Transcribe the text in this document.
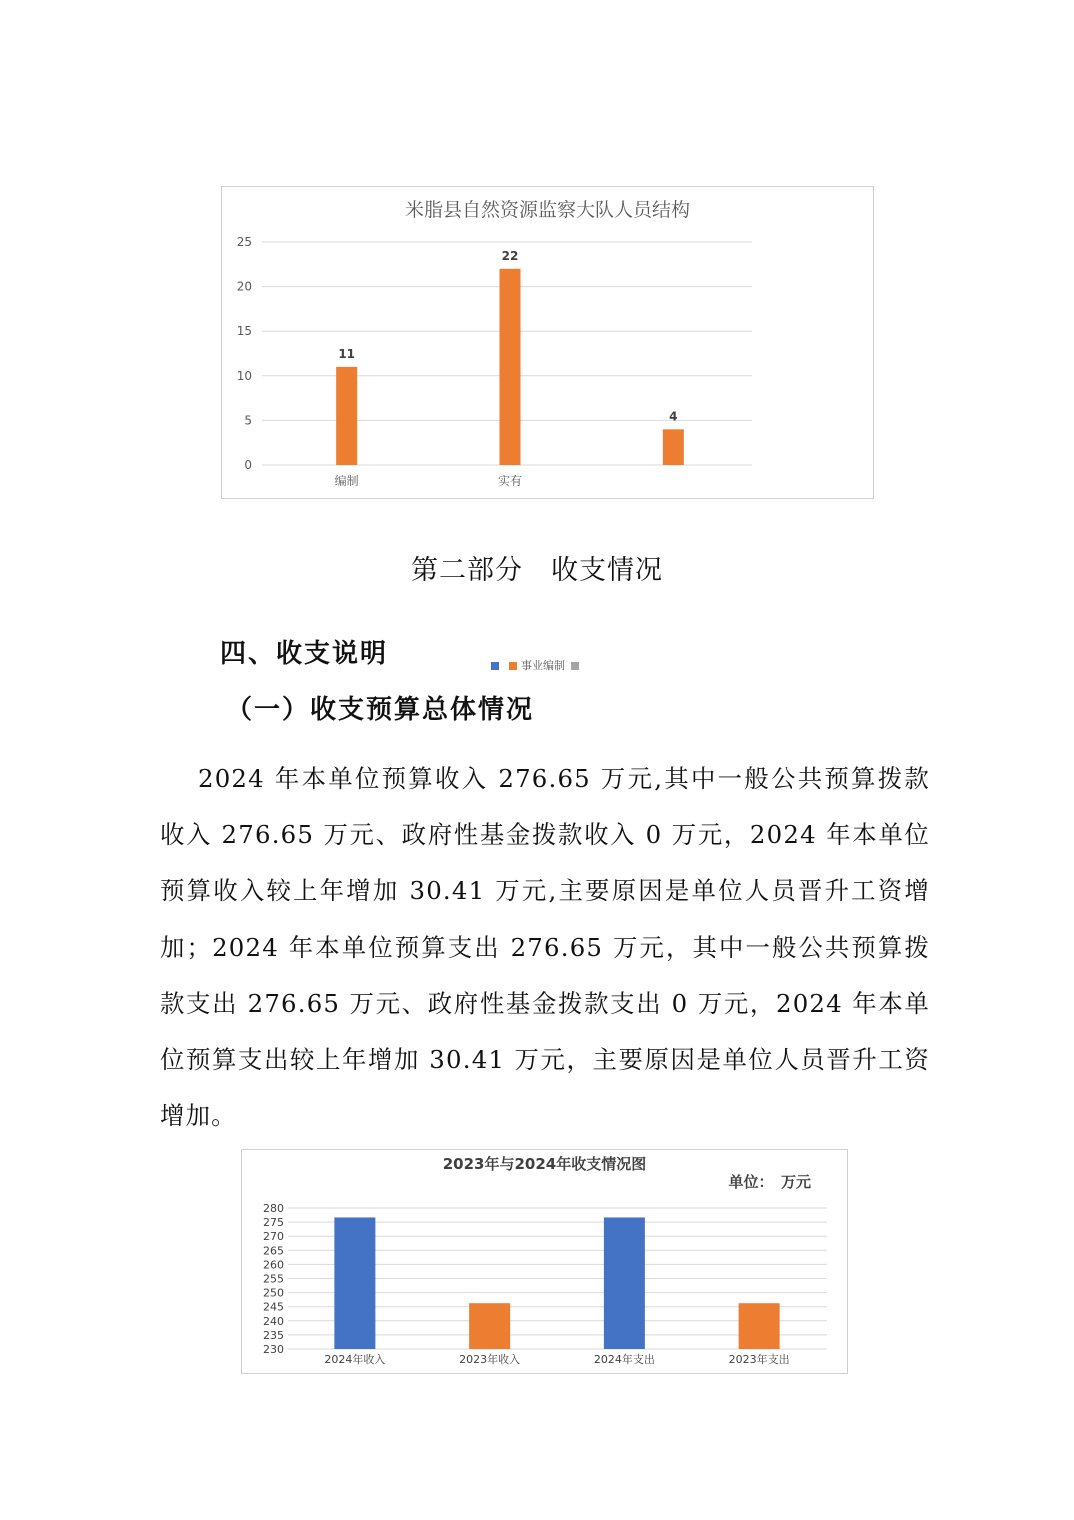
米脂县自然资源监察大队人员结构
0
5
10
15
20
25
11
编制
22
实有
4
事业编制
第二部分　收支情况
四、收支说明
（一）收支预算总体情况

2024 年本单位预算收入 276.65 万元,其中一般公共预算拨款收入 276.65 万元、政府性基金拨款收入 0 万元，2024 年本单位预算收入较上年增加 30.41 万元,主要原因是单位人员晋升工资增加；2024 年本单位预算支出 276.65 万元，其中一般公共预算拨款支出 276.65 万元、政府性基金拨款支出 0 万元，2024 年本单位预算支出较上年增加 30.41 万元，主要原因是单位人员晋升工资增加。

2023年与2024年收支情况图
单位：　万元
230
235
240
245
250
255
260
265
270
275
280
2024年收入	2023年收入	2024年支出	2023年支出
